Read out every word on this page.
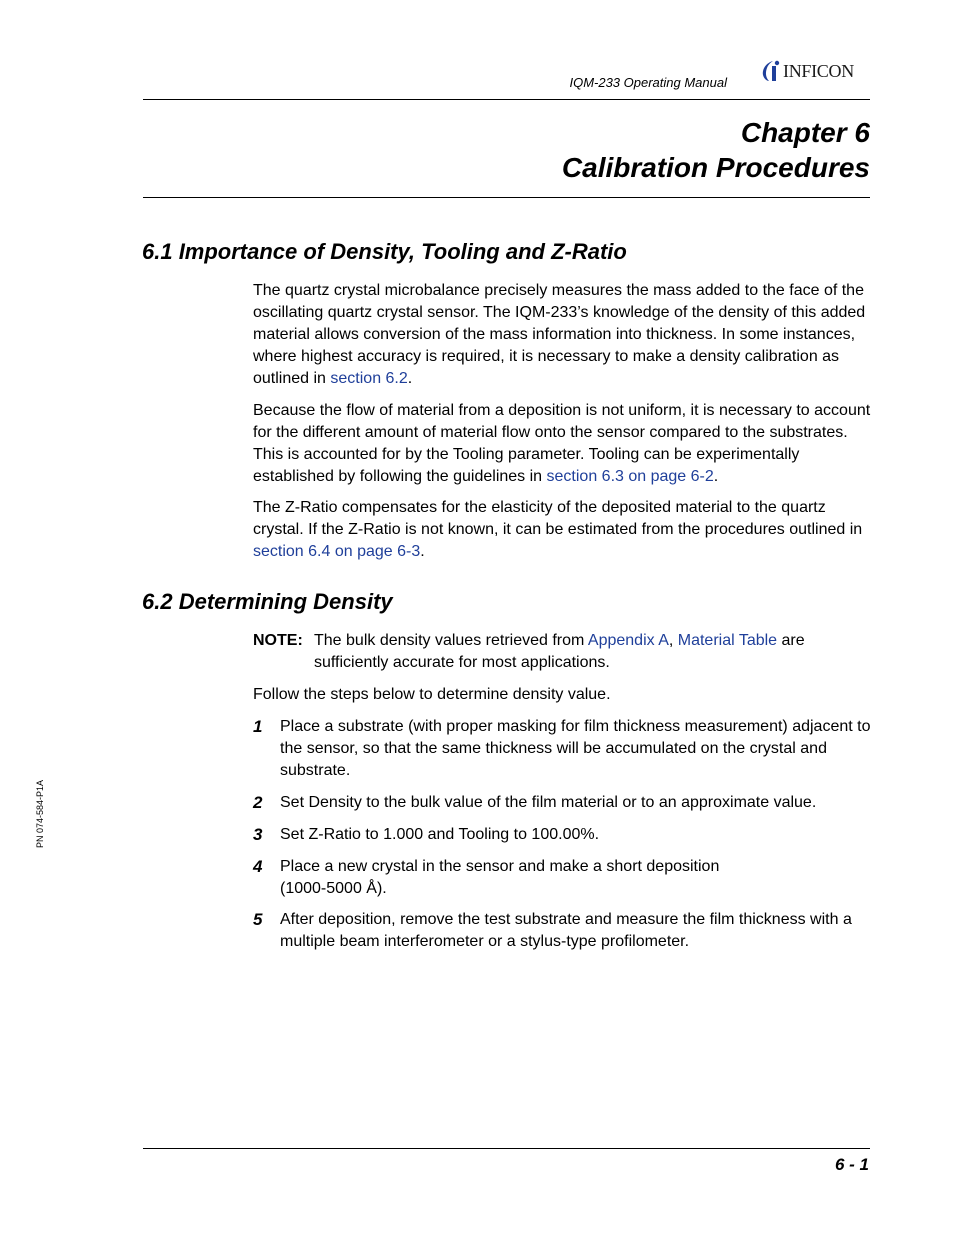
IQM-233 Operating Manual
INFICON
Chapter 6
Calibration Procedures
6.1 Importance of Density, Tooling and Z-Ratio
The quartz crystal microbalance precisely measures the mass added to the face of the oscillating quartz crystal sensor. The IQM-233’s knowledge of the density of this added material allows conversion of the mass information into thickness. In some instances, where highest accuracy is required, it is necessary to make a density calibration as outlined in section 6.2.
Because the flow of material from a deposition is not uniform, it is necessary to account for the different amount of material flow onto the sensor compared to the substrates. This is accounted for by the Tooling parameter. Tooling can be experimentally established by following the guidelines in section 6.3 on page 6-2.
The Z-Ratio compensates for the elasticity of the deposited material to the quartz crystal. If the Z-Ratio is not known, it can be estimated from the procedures outlined in section 6.4 on page 6-3.
6.2 Determining Density
NOTE: The bulk density values retrieved from Appendix A, Material Table are sufficiently accurate for most applications.
Follow the steps below to determine density value.
1 Place a substrate (with proper masking for film thickness measurement) adjacent to the sensor, so that the same thickness will be accumulated on the crystal and substrate.
2 Set Density to the bulk value of the film material or to an approximate value.
3 Set Z-Ratio to 1.000 and Tooling to 100.00%.
4 Place a new crystal in the sensor and make a short deposition (1000-5000 Å).
5 After deposition, remove the test substrate and measure the film thickness with a multiple beam interferometer or a stylus-type profilometer.
PN 074-584-P1A
6 - 1
